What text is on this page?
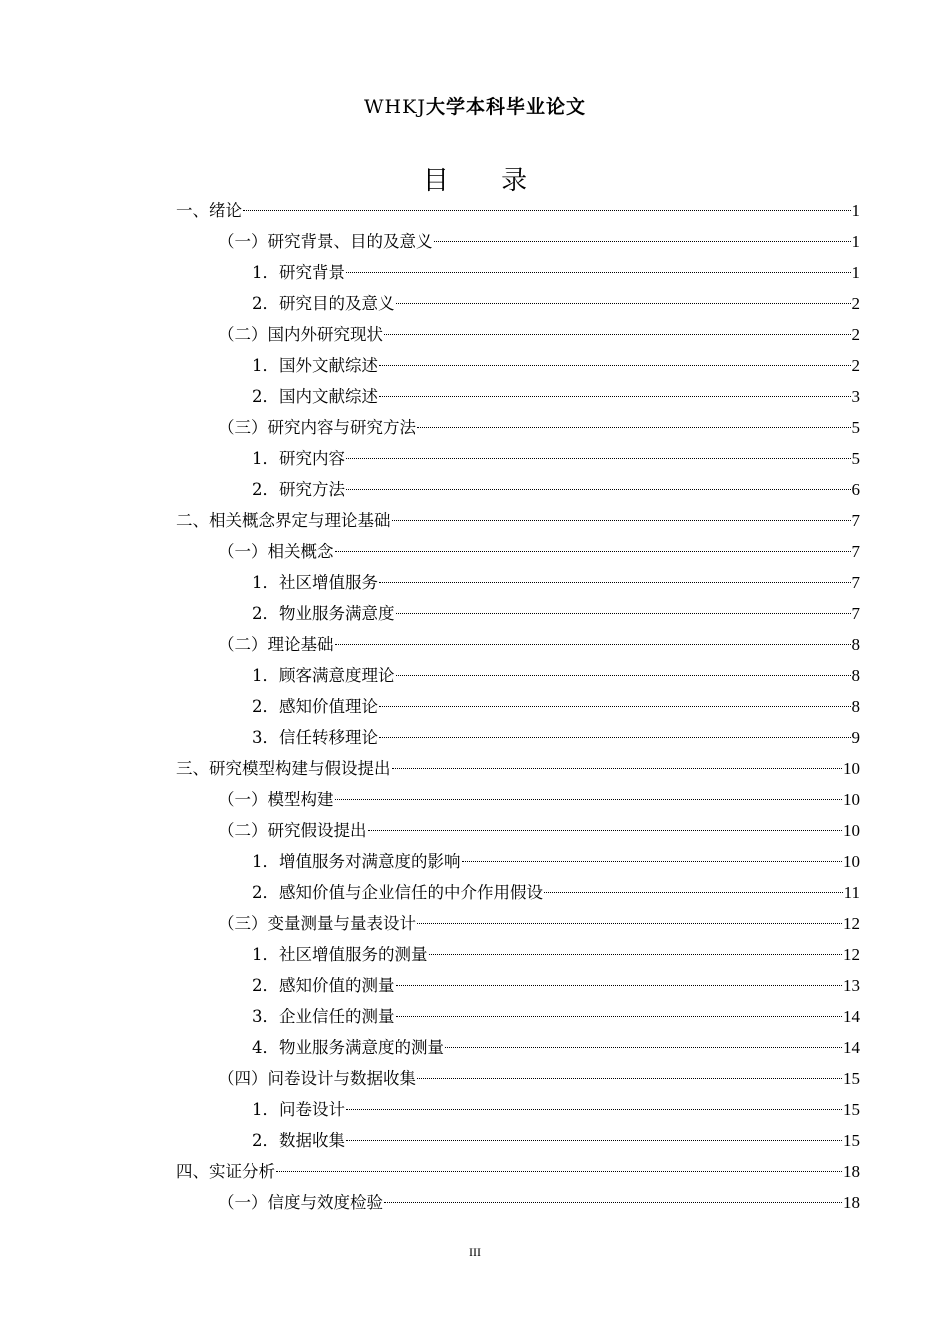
WHKJ大学本科毕业论文
目 录
一、绪论	1
（一）研究背景、目的及意义	1
1．研究背景	1
2．研究目的及意义	2
（二）国内外研究现状	2
1．国外文献综述	2
2．国内文献综述	3
（三）研究内容与研究方法	5
1．研究内容	5
2．研究方法	6
二、相关概念界定与理论基础	7
（一）相关概念	7
1．社区增值服务	7
2．物业服务满意度	7
（二）理论基础	8
1．顾客满意度理论	8
2．感知价值理论	8
3．信任转移理论	9
三、研究模型构建与假设提出	10
（一）模型构建	10
（二）研究假设提出	10
1．增值服务对满意度的影响	10
2．感知价值与企业信任的中介作用假设	11
（三）变量测量与量表设计	12
1．社区增值服务的测量	12
2．感知价值的测量	13
3．企业信任的测量	14
4．物业服务满意度的测量	14
（四）问卷设计与数据收集	15
1．问卷设计	15
2．数据收集	15
四、实证分析	18
（一）信度与效度检验	18
III
